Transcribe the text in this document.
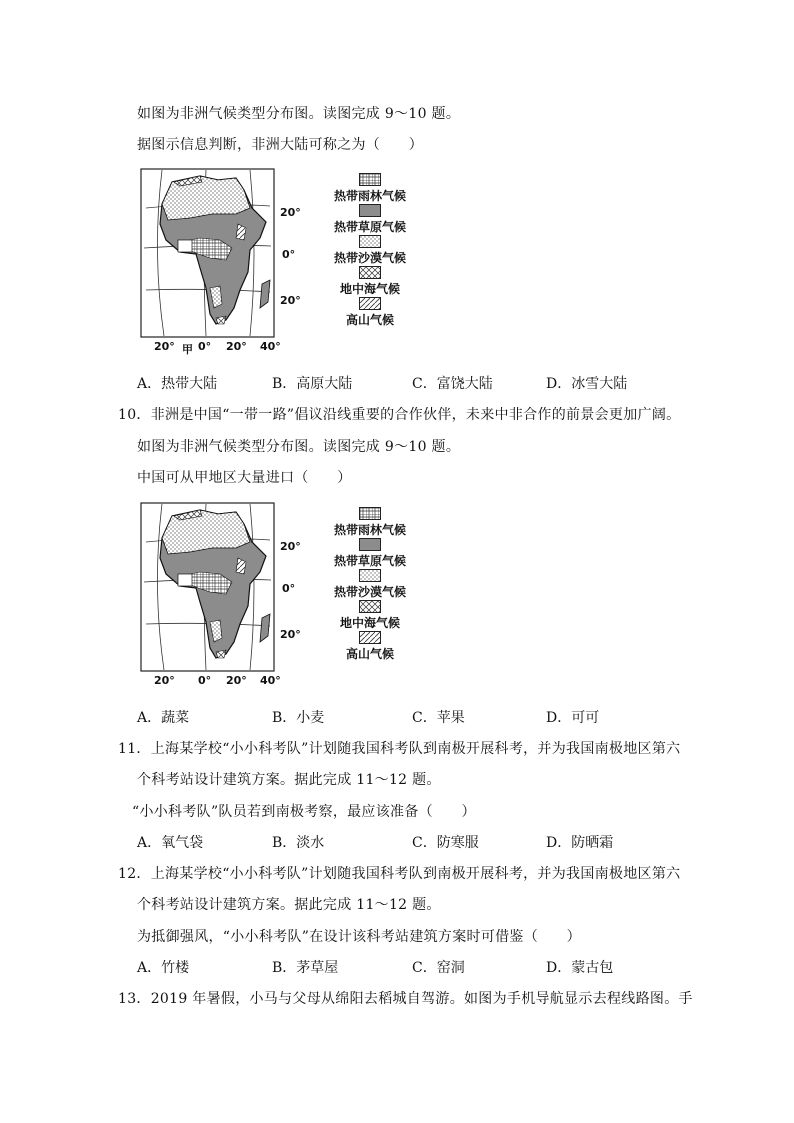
如图为非洲气候类型分布图。读图完成 9～10 题。
据图示信息判断，非洲大陆可称之为（　　）
甲
20°
0°
20°
20° 0° 20° 40°
热带雨林气候
热带草原气候
热带沙漠气候
地中海气候
高山气候
A．热带大陆	B．高原大陆	C．富饶大陆	D．冰雪大陆
10．非洲是中国“一带一路”倡议沿线重要的合作伙伴，未来中非合作的前景会更加广阔。
如图为非洲气候类型分布图。读图完成 9～10 题。
中国可从甲地区大量进口（　　）
20°
0°
20°
20° 0° 20° 40°
热带雨林气候
热带草原气候
热带沙漠气候
地中海气候
高山气候
A．蔬菜	B．小麦	C．苹果	D．可可
11．上海某学校“小小科考队”计划随我国科考队到南极开展科考，并为我国南极地区第六
个科考站设计建筑方案。据此完成 11～12 题。
“小小科考队”队员若到南极考察，最应该准备（　　）
A．氧气袋	B．淡水	C．防寒服	D．防晒霜
12．上海某学校“小小科考队”计划随我国科考队到南极开展科考，并为我国南极地区第六
个科考站设计建筑方案。据此完成 11～12 题。
为抵御强风，“小小科考队”在设计该科考站建筑方案时可借鉴（　　）
A．竹楼	B．茅草屋	C．窑洞	D．蒙古包
13．2019 年暑假，小马与父母从绵阳去稻城自驾游。如图为手机导航显示去程线路图。手
